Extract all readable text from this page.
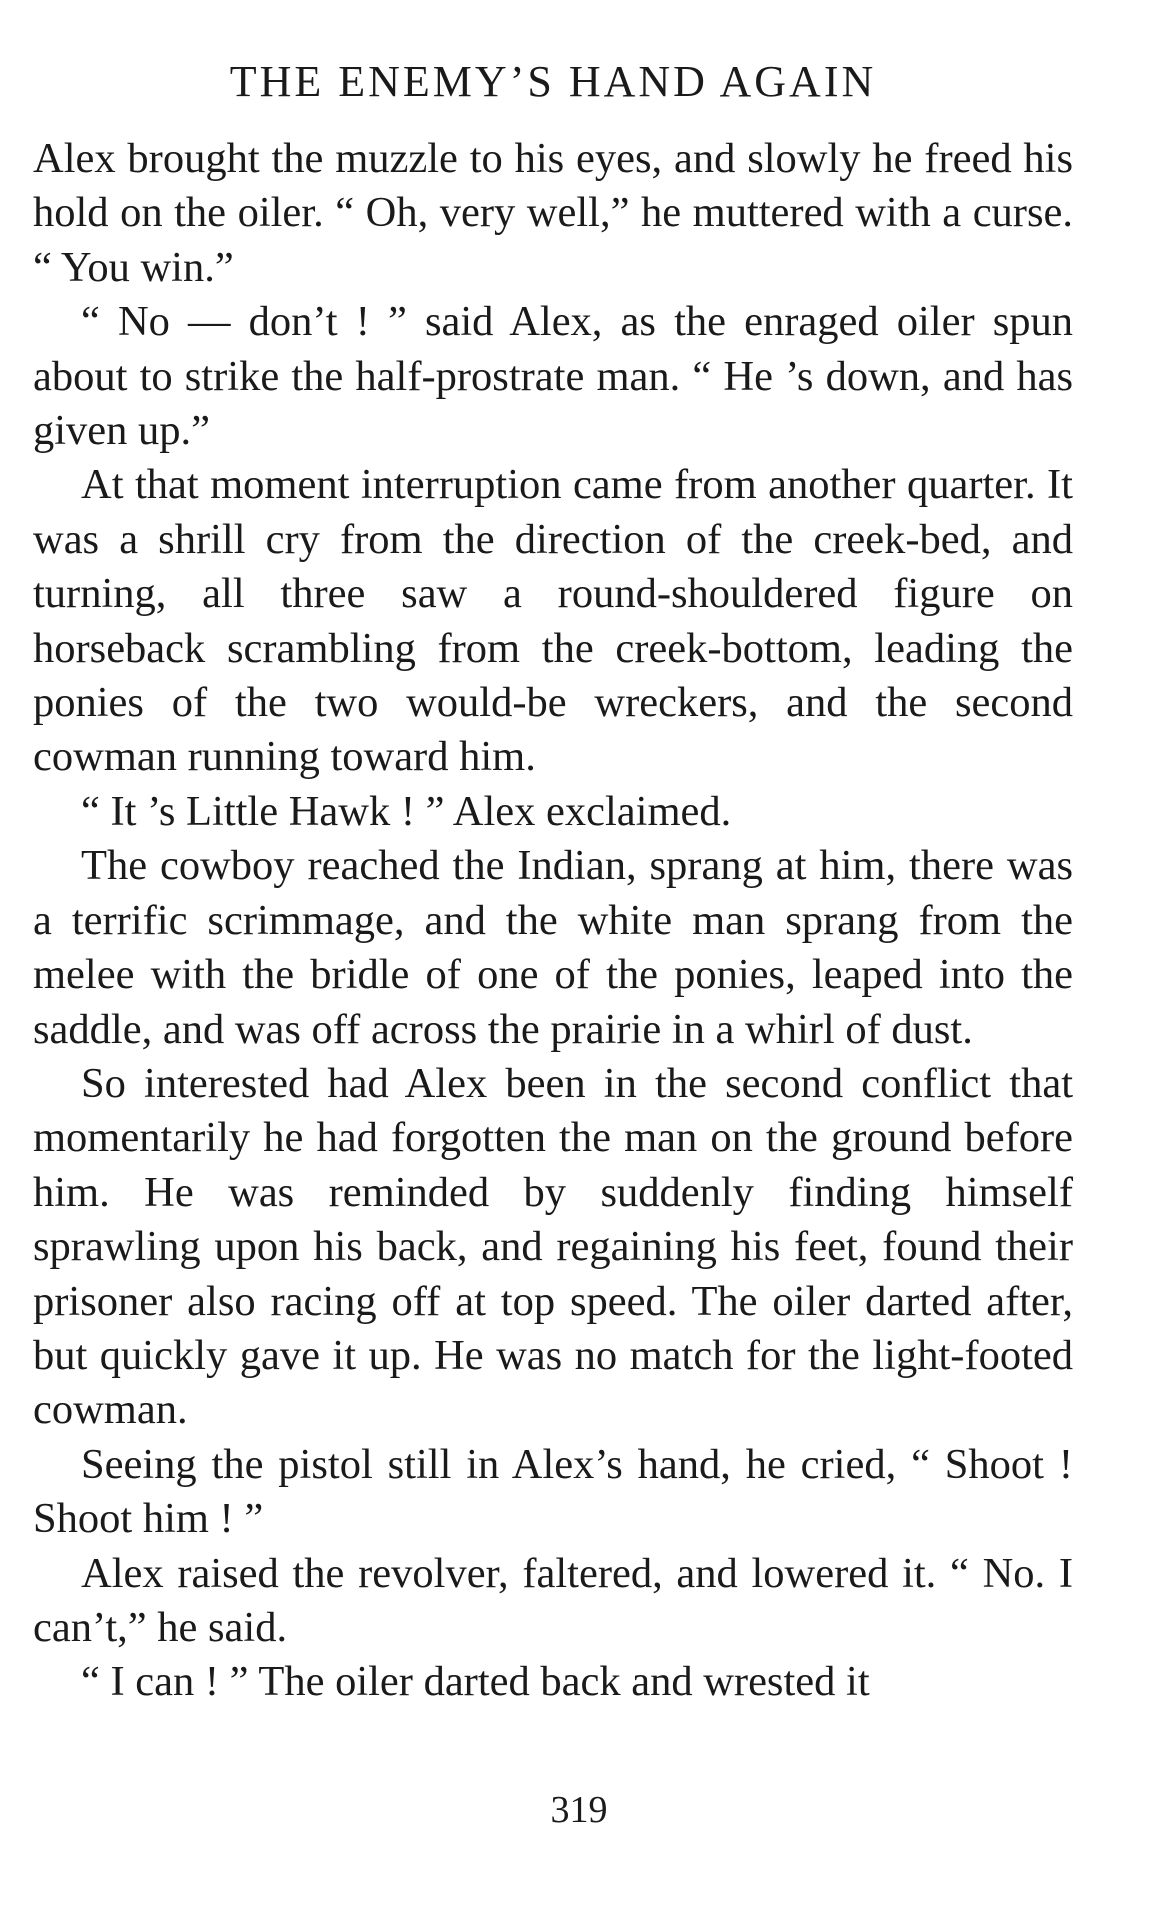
THE ENEMY’S HAND AGAIN

Alex brought the muzzle to his eyes, and slowly he freed his hold on the oiler. “ Oh, very well,” he muttered with a curse. “ You win.”

“ No — don’t ! ” said Alex, as the enraged oiler spun about to strike the half-prostrate man. “ He ’s down, and has given up.”

At that moment interruption came from another quarter. It was a shrill cry from the direction of the creek-bed, and turning, all three saw a round-shouldered figure on horseback scrambling from the creek-bottom, leading the ponies of the two would-be wreckers, and the second cowman running toward him.

“ It ’s Little Hawk ! ” Alex exclaimed.

The cowboy reached the Indian, sprang at him, there was a terrific scrimmage, and the white man sprang from the melee with the bridle of one of the ponies, leaped into the saddle, and was off across the prairie in a whirl of dust.

So interested had Alex been in the second conflict that momentarily he had forgotten the man on the ground before him. He was reminded by suddenly finding himself sprawling upon his back, and regaining his feet, found their prisoner also racing off at top speed. The oiler darted after, but quickly gave it up. He was no match for the light-footed cowman.

Seeing the pistol still in Alex’s hand, he cried, “ Shoot ! Shoot him ! ”

Alex raised the revolver, faltered, and lowered it. “ No. I can’t,” he said.

“ I can ! ” The oiler darted back and wrested it

319
